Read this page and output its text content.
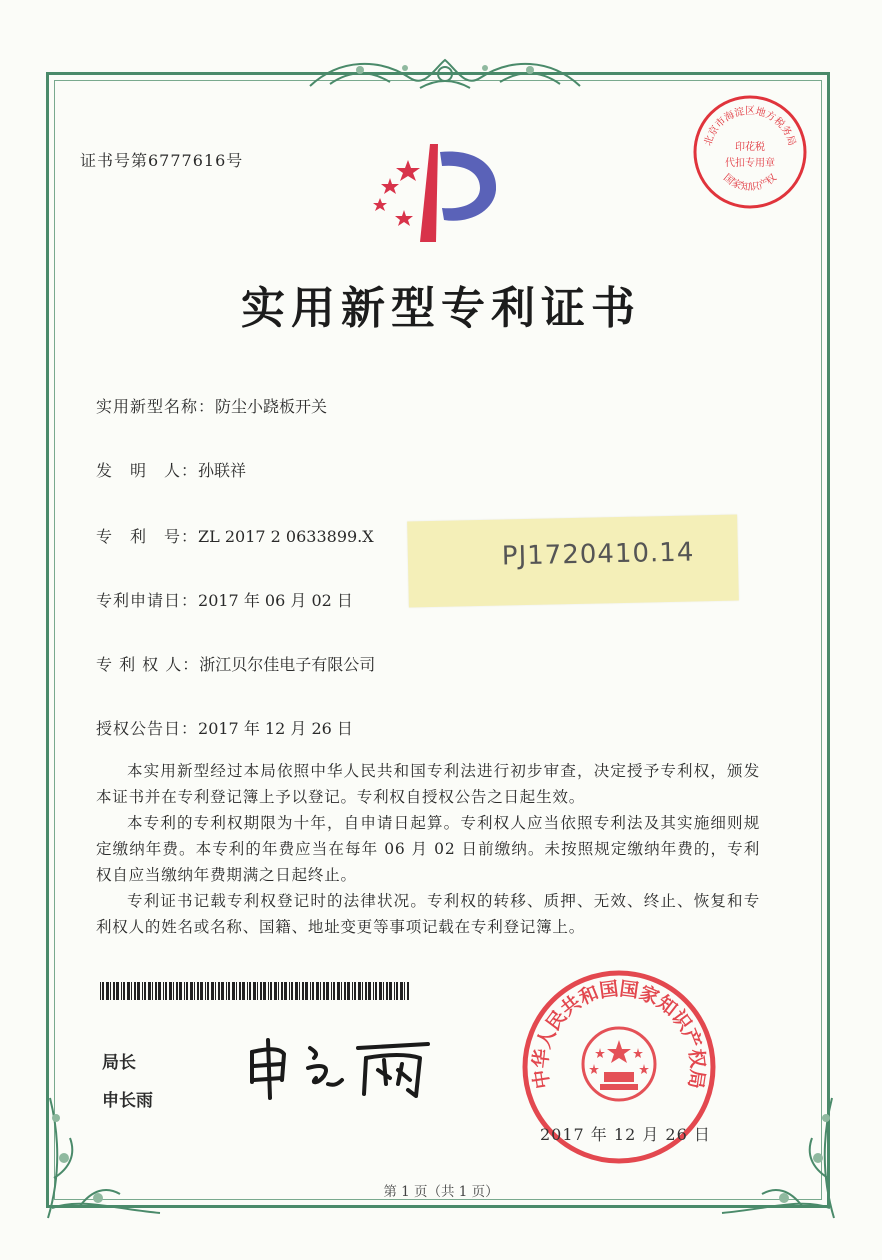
证书号第6777616号
北京市海淀区地方税务局
印花税
代扣专用章
国家知识产权
实用新型专利证书
实用新型名称：防尘小跷板开关
发　明　人：孙联祥
专　利　号：ZL 2017 2 0633899.X
专利申请日：2017 年 06 月 02 日
专 利 权 人：浙江贝尔佳电子有限公司
授权公告日：2017 年 12 月 26 日
PJ1720410.14
本实用新型经过本局依照中华人民共和国专利法进行初步审查，决定授予专利权，颁发本证书并在专利登记簿上予以登记。专利权自授权公告之日起生效。
本专利的专利权期限为十年，自申请日起算。专利权人应当依照专利法及其实施细则规定缴纳年费。本专利的年费应当在每年 06 月 02 日前缴纳。未按照规定缴纳年费的，专利权自应当缴纳年费期满之日起终止。
专利证书记载专利权登记时的法律状况。专利权的转移、质押、无效、终止、恢复和专利权人的姓名或名称、国籍、地址变更等事项记载在专利登记簿上。
局长
申长雨
中华人民共和国国家知识产权局
2017 年 12 月 26 日
第 1 页（共 1 页）
